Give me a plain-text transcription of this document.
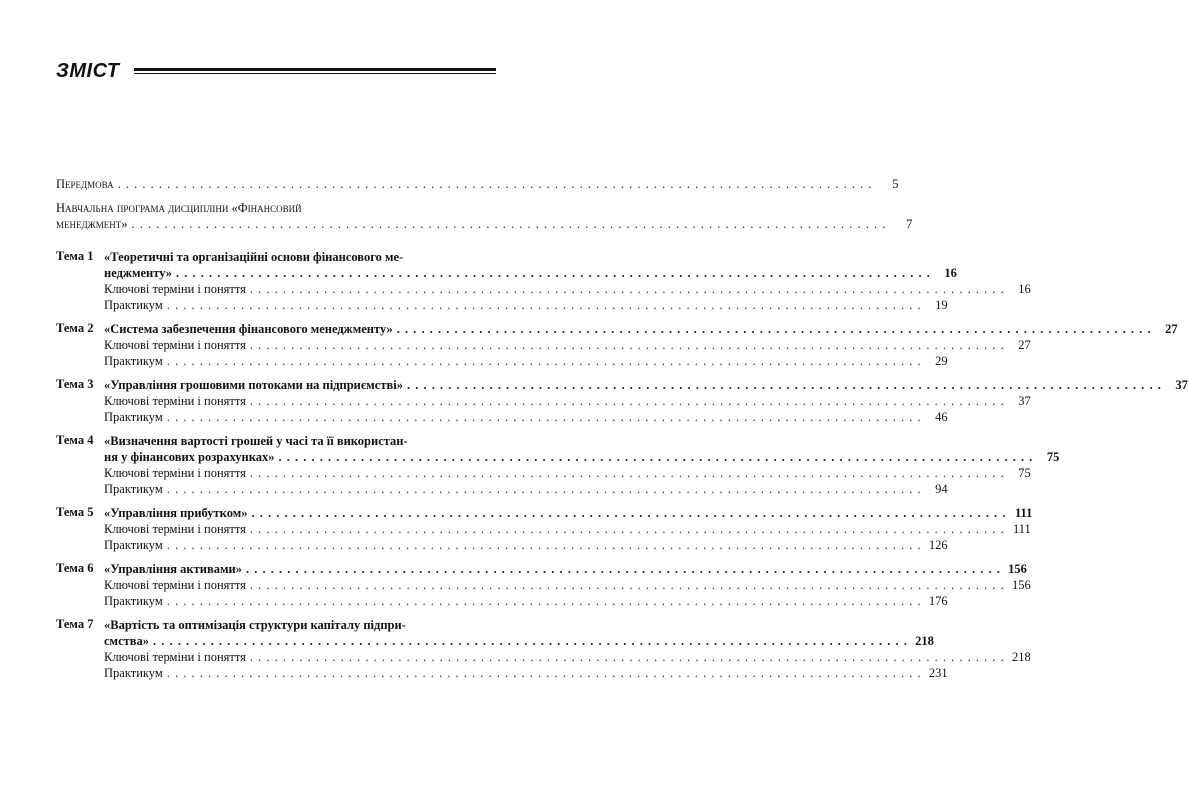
ЗМІСТ
Передмова . . .	5
Навчальна програма дисципліни «Фінансовий
менеджмент» . . .	7
Тема 1 «Теоретичні та організаційні основи фінансового ме-
неджменту» . . .	16
Ключові терміни і поняття . . .	16
Практикум . . .	19
Тема 2 «Система забезпечення фінансового менеджменту» . . .	27
Ключові терміни і поняття . . .	27
Практикум . . .	29
Тема 3 «Управління грошовими потоками на підприємстві» . . .	37
Ключові терміни і поняття . . .	37
Практикум . . .	46
Тема 4 «Визначення вартості грошей у часі та її використан-
ня у фінансових розрахунках» . . .	75
Ключові терміни і поняття . . .	75
Практикум . . .	94
Тема 5 «Управління прибутком» . . .	111
Ключові терміни і поняття . . .	111
Практикум . . .	126
Тема 6 «Управління активами» . . .	156
Ключові терміни і поняття . . .	156
Практикум . . .	176
Тема 7 «Вартість та оптимізація структури капіталу підпри-
смства» . . .	218
Ключові терміни і поняття . . .	218
Практикум . . .	231
